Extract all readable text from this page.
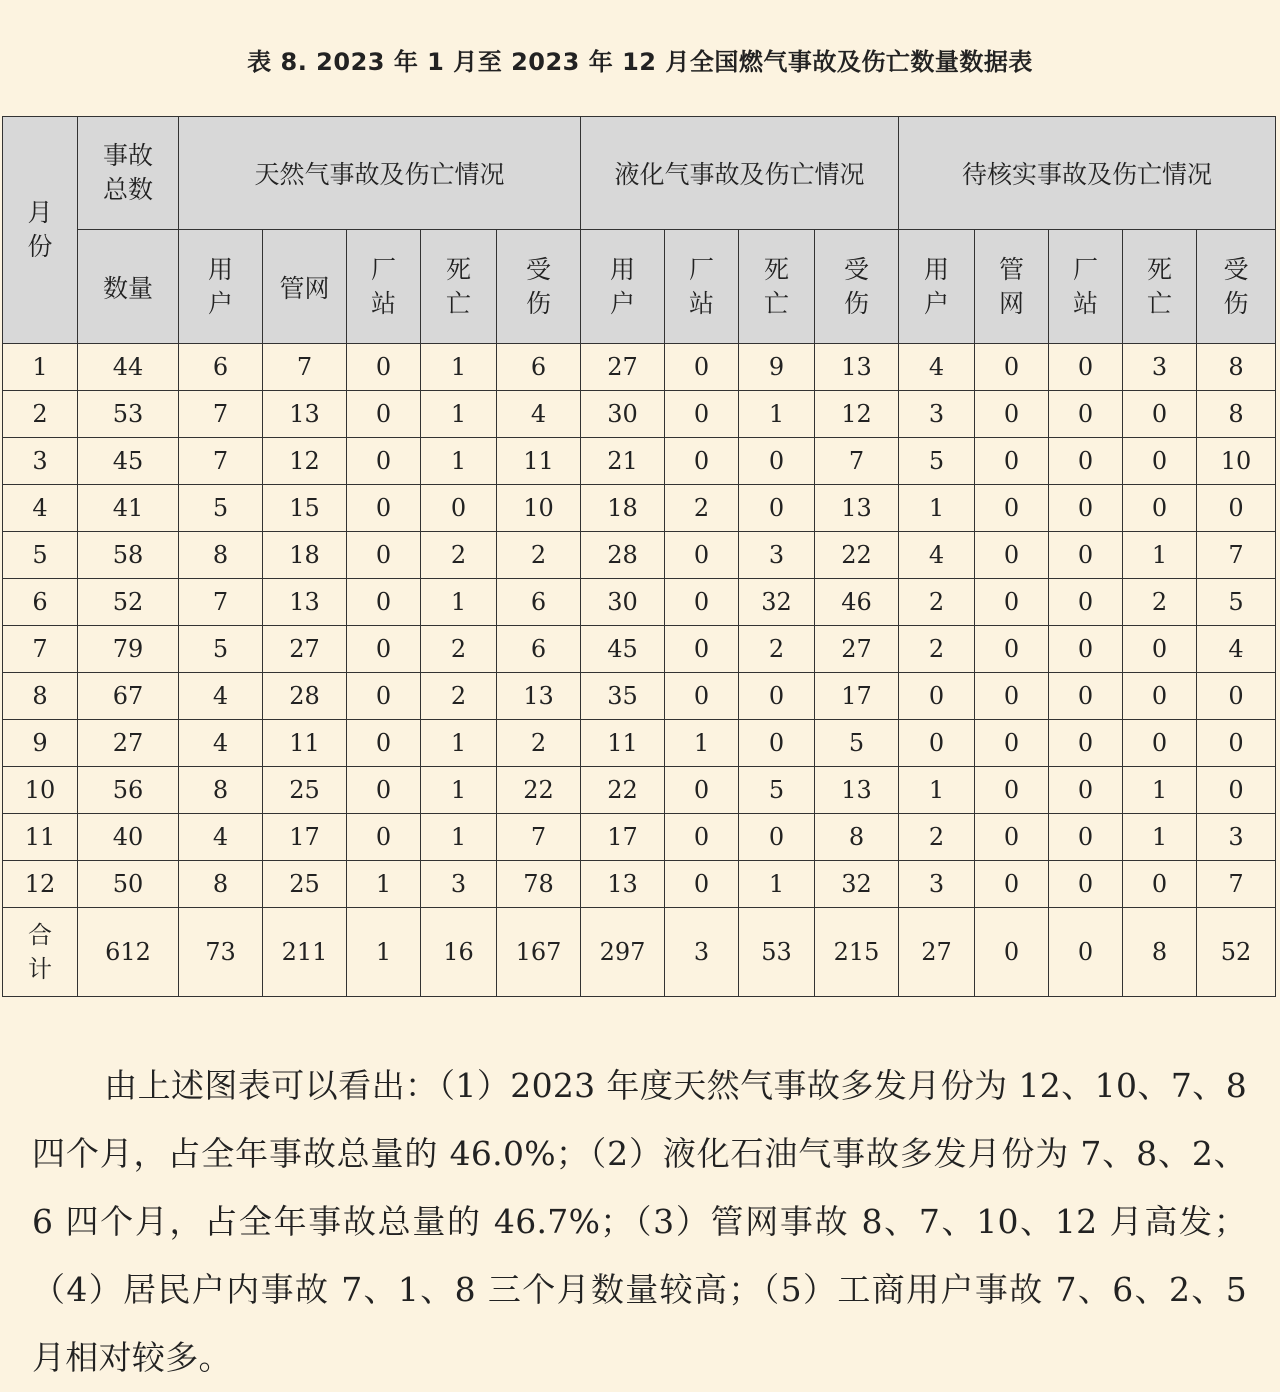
表 8. 2023 年 1 月至 2023 年 12 月全国燃气事故及伤亡数量数据表
月份	事故总数	天然气事故及伤亡情况					液化气事故及伤亡情况				待核实事故及伤亡情况				
	数量	用户	管网	厂站	死亡	受伤	用户	厂站	死亡	受伤	用户	管网	厂站	死亡	受伤
1	44	6	7	0	1	6	27	0	9	13	4	0	0	3	8
2	53	7	13	0	1	4	30	0	1	12	3	0	0	0	8
3	45	7	12	0	1	11	21	0	0	7	5	0	0	0	10
4	41	5	15	0	0	10	18	2	0	13	1	0	0	0	0
5	58	8	18	0	2	2	28	0	3	22	4	0	0	1	7
6	52	7	13	0	1	6	30	0	32	46	2	0	0	2	5
7	79	5	27	0	2	6	45	0	2	27	2	0	0	0	4
8	67	4	28	0	2	13	35	0	0	17	0	0	0	0	0
9	27	4	11	0	1	2	11	1	0	5	0	0	0	0	0
10	56	8	25	0	1	22	22	0	5	13	1	0	0	1	0
11	40	4	17	0	1	7	17	0	0	8	2	0	0	1	3
12	50	8	25	1	3	78	13	0	1	32	3	0	0	0	7
合计	612	73	211	1	16	167	297	3	53	215	27	0	0	8	52
由上述图表可以看出：（1）2023 年度天然气事故多发月份为 12、10、7、8 四个月，占全年事故总量的 46.0%；（2）液化石油气事故多发月份为 7、8、2、6 四个月，占全年事故总量的 46.7%；（3）管网事故 8、7、10、12 月高发；（4）居民户内事故 7、1、8 三个月数量较高；（5）工商用户事故 7、6、2、5 月相对较多。
